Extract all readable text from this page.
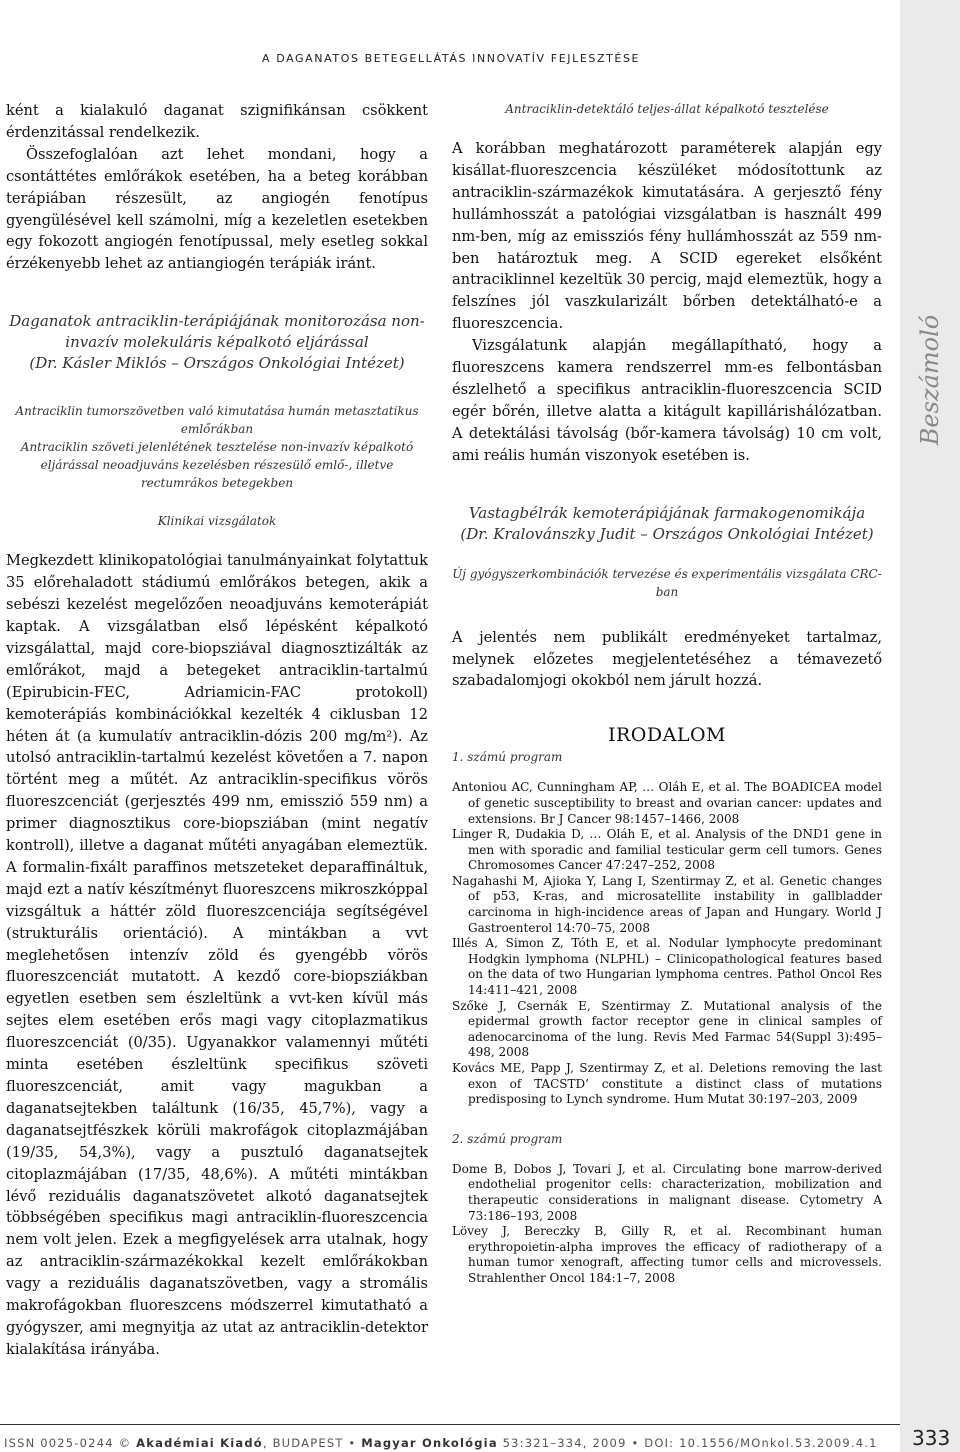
Beszámoló
A DAGANATOS BETEGELLÁTÁS INNOVATÍV FEJLESZTÉSE

ként a kialakuló daganat szignifikánsan csökkent érdenzitással rendelkezik.

Összefoglalóan azt lehet mondani, hogy a csontáttétes emlőrákok esetében, ha a beteg korábban terápiában részesült, az angiogén fenotípus gyengülésével kell számolni, míg a kezeletlen esetekben egy fokozott angiogén fenotípussal, mely esetleg sokkal érzékenyebb lehet az antiangiogén terápiák iránt.

Daganatok antraciklin-terápiájának monitorozása non-invazív molekuláris képalkotó eljárással

(Dr. Kásler Miklós – Országos Onkológiai Intézet)

Antraciklin tumorszövetben való kimutatása humán metasztatikus emlőrákban

Antraciklin szöveti jelenlétének tesztelése non-invazív képalkotó eljárással neoadjuváns kezelésben részesülő emlő-, illetve rectumrákos betegekben

Klinikai vizsgálatok

Megkezdett klinikopatológiai tanulmányainkat folytattuk 35 előrehaladott stádiumú emlőrákos betegen, akik a sebészi kezelést megelőzően neoadjuváns kemoterápiát kaptak. A vizsgálatban első lépésként képalkotó vizsgálattal, majd core-biopsziával diagnosztizálták az emlőrákot, majd a betegeket antraciklin-tartalmú (Epirubicin-FEC, Adriamicin-FAC protokoll) kemoterápiás kombinációkkal kezelték 4 ciklusban 12 héten át (a kumulatív antraciklin-dózis 200 mg/m²). Az utolsó antraciklin-tartalmú kezelést követően a 7. napon történt meg a műtét. Az antraciklin-specifikus vörös fluoreszcenciát (gerjesztés 499 nm, emisszió 559 nm) a primer diagnosztikus core-biopsziában (mint negatív kontroll), illetve a daganat műtéti anyagában elemeztük. A formalin-fixált paraffinos metszeteket deparaffináltuk, majd ezt a natív készítményt fluoreszcens mikroszkóppal vizsgáltuk a háttér zöld fluoreszcenciája segítségével (strukturális orientáció). A mintákban a vvt meglehetősen intenzív zöld és gyengébb vörös fluoreszcenciát mutatott. A kezdő core-biopsziákban egyetlen esetben sem észleltünk a vvt-ken kívül más sejtes elem esetében erős magi vagy citoplazmatikus fluoreszcenciát (0/35). Ugyanakkor valamennyi műtéti minta esetében észleltünk specifikus szöveti fluoreszcenciát, amit vagy magukban a daganatsejtekben találtunk (16/35, 45,7%), vagy a daganatsejtfészkek körüli makrofágok citoplazmájában (19/35, 54,3%), vagy a pusztuló daganatsejtek citoplazmájában (17/35, 48,6%). A műtéti mintákban lévő reziduális daganatszövetet alkotó daganatsejtek többségében specifikus magi antraciklin-fluoreszcencia nem volt jelen. Ezek a megfigyelések arra utalnak, hogy az antraciklin-származékokkal kezelt emlőrákokban vagy a reziduális daganatszövetben, vagy a stromális makrofágokban fluoreszcens módszerrel kimutatható a gyógyszer, ami megnyitja az utat az antraciklin-detektor kialakítása irányába.

Antraciklin-detektáló teljes-állat képalkotó tesztelése

A korábban meghatározott paraméterek alapján egy kisállat-fluoreszcencia készüléket módosítottunk az antraciklin-származékok kimutatására. A gerjesztő fény hullámhosszát a patológiai vizsgálatban is használt 499 nm-ben, míg az emissziós fény hullámhosszát az 559 nm-ben határoztuk meg. A SCID egereket elsőként antraciklinnel kezeltük 30 percig, majd elemeztük, hogy a felszínes jól vaszkularizált bőrben detektálható-e a fluoreszcencia.

Vizsgálatunk alapján megállapítható, hogy a fluoreszcens kamera rendszerrel mm-es felbontásban észlelhető a specifikus antraciklin-fluoreszcencia SCID egér bőrén, illetve alatta a kitágult kapillárishálózatban. A detektálási távolság (bőr-kamera távolság) 10 cm volt, ami reális humán viszonyok esetében is.

Vastagbélrák kemoterápiájának farmakogenomikája

(Dr. Kralovánszky Judit – Országos Onkológiai Intézet)

Új gyógyszerkombinációk tervezése és experimentális vizsgálata CRC-ban

A jelentés nem publikált eredményeket tartalmaz, melynek előzetes megjelentetéséhez a témavezető szabadalomjogi okokból nem járult hozzá.

IRODALOM

1. számú program

Antoniou AC, Cunningham AP, … Oláh E, et al. The BOADICEA model of genetic susceptibility to breast and ovarian cancer: updates and extensions. Br J Cancer 98:1457–1466, 2008

Linger R, Dudakia D, … Oláh E, et al. Analysis of the DND1 gene in men with sporadic and familial testicular germ cell tumors. Genes Chromosomes Cancer 47:247–252, 2008

Nagahashi M, Ajioka Y, Lang I, Szentirmay Z, et al. Genetic changes of p53, K-ras, and microsatellite instability in gallbladder carcinoma in high-incidence areas of Japan and Hungary. World J Gastroenterol 14:70–75, 2008

Illés A, Simon Z, Tóth E, et al. Nodular lymphocyte predominant Hodgkin lymphoma (NLPHL) – Clinicopathological features based on the data of two Hungarian lymphoma centres. Pathol Oncol Res 14:411–421, 2008

Szőke J, Csernák E, Szentirmay Z. Mutational analysis of the epidermal growth factor receptor gene in clinical samples of adenocarcinoma of the lung. Revis Med Farmac 54(Suppl 3):495–498, 2008

Kovács ME, Papp J, Szentirmay Z, et al. Deletions removing the last exon of TACSTD’ constitute a distinct class of mutations predisposing to Lynch syndrome. Hum Mutat 30:197–203, 2009

2. számú program

Dome B, Dobos J, Tovari J, et al. Circulating bone marrow-derived endothelial progenitor cells: characterization, mobilization and therapeutic considerations in malignant disease. Cytometry A 73:186–193, 2008

Lövey J, Bereczky B, Gilly R, et al. Recombinant human erythropoietin-alpha improves the efficacy of radiotherapy of a human tumor xenograft, affecting tumor cells and microvessels. Strahlenther Oncol 184:1–7, 2008

ISSN 0025-0244 © Akadémiai Kiadó, BUDAPEST • Magyar Onkológia 53:321–334, 2009 • DOI: 10.1556/MOnkol.53.2009.4.1 333
